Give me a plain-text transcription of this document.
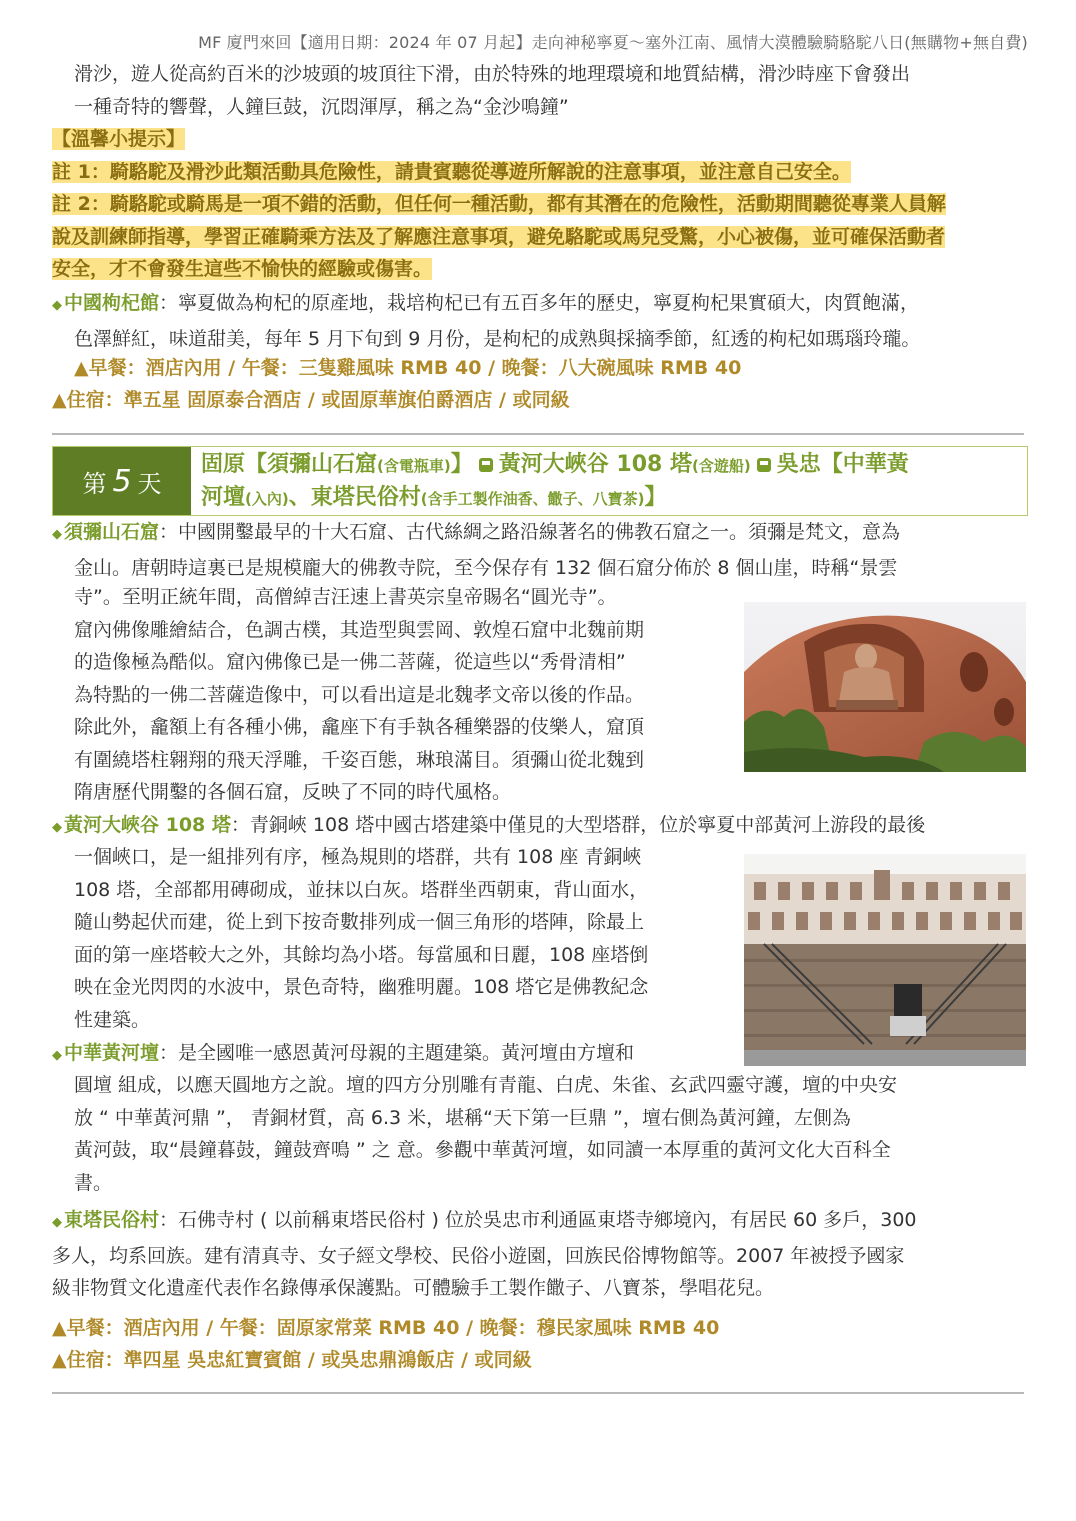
MF 廈門來回【適用日期：2024 年 07 月起】走向神秘寧夏～塞外江南、風情大漠體驗騎駱駝八日(無購物+無自費)
滑沙，遊人從高約百米的沙坡頭的坡頂往下滑，由於特殊的地理環境和地質結構，滑沙時座下會發出
一種奇特的響聲，人鐘巨鼓，沉悶渾厚，稱之為“金沙鳴鐘”
【溫馨小提示】
註 1：騎駱駝及滑沙此類活動具危險性，請貴賓聽從導遊所解說的注意事項，並注意自己安全。
註 2：騎駱駝或騎馬是一項不錯的活動，但任何一種活動，都有其潛在的危險性，活動期間聽從專業人員解
說及訓練師指導，學習正確騎乘方法及了解應注意事項，避免駱駝或馬兒受驚，小心被傷，並可確保活動者
安全，才不會發生這些不愉快的經驗或傷害。
◆ 中國枸杞館：寧夏做為枸杞的原產地，栽培枸杞已有五百多年的歷史，寧夏枸杞果實碩大，肉質飽滿，
色澤鮮紅，味道甜美，每年 5 月下旬到 9 月份，是枸杞的成熟與採摘季節，紅透的枸杞如瑪瑙玲瓏。
▲早餐：酒店內用 / 午餐：三隻雞風味 RMB 40 / 晚餐：八大碗風味 RMB 40
▲住宿：準五星 固原泰合酒店 / 或固原華旗伯爵酒店 / 或同級
第 5 天
固原【須彌山石窟(含電瓶車)】 黃河大峽谷 108 塔(含遊船) 吳忠【中華黃
河壇(入內)、東塔民俗村(含手工製作油香、饊子、八寶茶)】
◆ 須彌山石窟：中國開鑿最早的十大石窟、古代絲綢之路沿線著名的佛教石窟之一。須彌是梵文，意為
金山。唐朝時這裏已是規模龐大的佛教寺院，至今保存有 132 個石窟分佈於 8 個山崖，時稱“景雲
寺”。至明正統年間，高僧綽吉汪速上書英宗皇帝賜名“圓光寺”。
窟內佛像雕繪結合，色調古樸，其造型與雲岡、敦煌石窟中北魏前期
的造像極為酷似。窟內佛像已是一佛二菩薩，從這些以“秀骨清相”
為特點的一佛二菩薩造像中，可以看出這是北魏孝文帝以後的作品。
除此外，龕額上有各種小佛，龕座下有手執各種樂器的伎樂人，窟頂
有圍繞塔柱翱翔的飛天浮雕，千姿百態，琳琅滿目。須彌山從北魏到
隋唐歷代開鑿的各個石窟，反映了不同的時代風格。
◆ 黃河大峽谷 108 塔：青銅峽 108 塔中國古塔建築中僅見的大型塔群，位於寧夏中部黃河上游段的最後
一個峽口，是一組排列有序，極為規則的塔群，共有 108 座 青銅峽
108 塔，全部都用磚砌成，並抹以白灰。塔群坐西朝東，背山面水，
隨山勢起伏而建，從上到下按奇數排列成一個三角形的塔陣，除最上
面的第一座塔較大之外，其餘均為小塔。每當風和日麗，108 座塔倒
映在金光閃閃的水波中，景色奇特，幽雅明麗。108 塔它是佛教紀念
性建築。
◆ 中華黃河壇：是全國唯一感恩黃河母親的主題建築。黃河壇由方壇和
圓壇 組成，以應天圓地方之說。壇的四方分別雕有青龍、白虎、朱雀、玄武四靈守護，壇的中央安
放 “ 中華黃河鼎 ”， 青銅材質，高 6.3 米，堪稱“天下第一巨鼎 ”，壇右側為黃河鐘，左側為
黃河鼓，取“晨鐘暮鼓，鐘鼓齊鳴 ” 之 意。參觀中華黃河壇，如同讀一本厚重的黃河文化大百科全
書。
◆ 東塔民俗村：石佛寺村 ( 以前稱東塔民俗村 ) 位於吳忠市利通區東塔寺鄉境內，有居民 60 多戶，300
多人，均系回族。建有清真寺、女子經文學校、民俗小遊園，回族民俗博物館等。2007 年被授予國家
級非物質文化遺產代表作名錄傳承保護點。可體驗手工製作饊子、八寶茶，學唱花兒。
▲早餐：酒店內用 / 午餐：固原家常菜 RMB 40 / 晚餐：穆民家風味 RMB 40
▲住宿：準四星 吳忠紅寶賓館 / 或吳忠鼎鴻飯店 / 或同級
